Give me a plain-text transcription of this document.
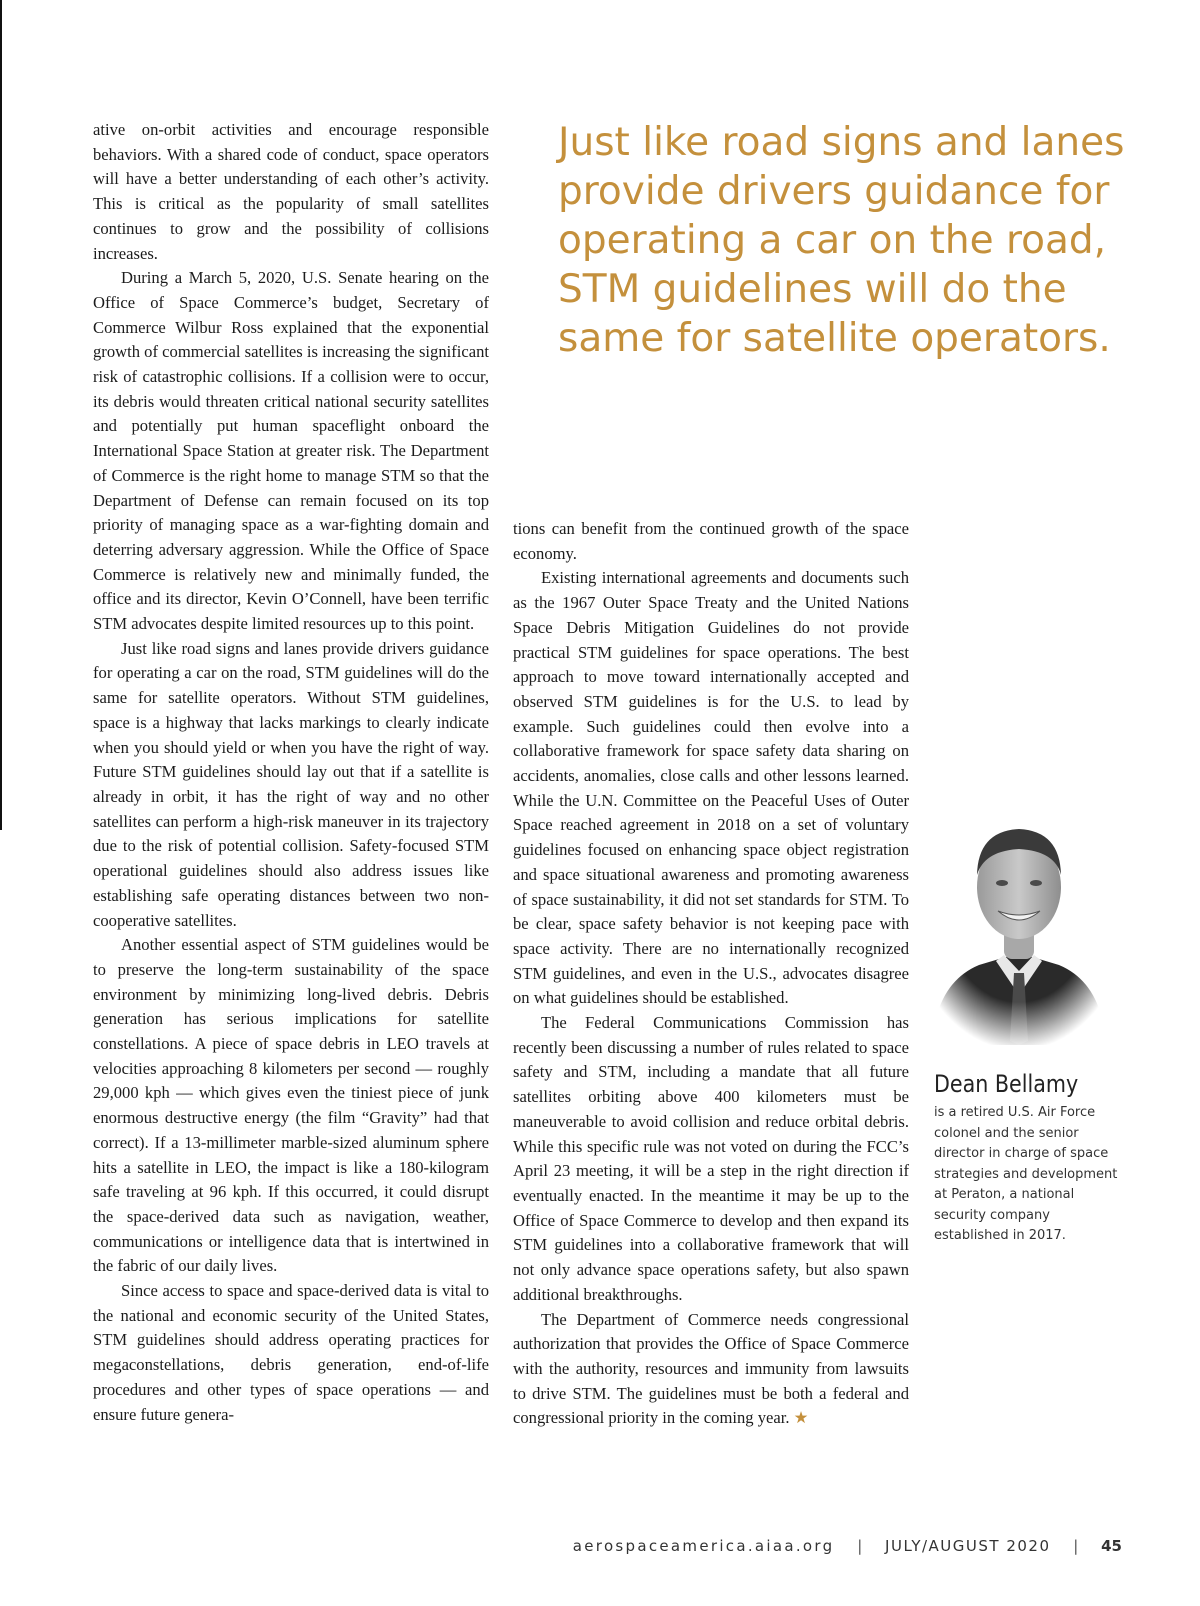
ative on-orbit activities and encourage responsible behaviors. With a shared code of conduct, space operators will have a better understanding of each other’s activity. This is critical as the popularity of small satellites continues to grow and the possibility of collisions increases.

During a March 5, 2020, U.S. Senate hearing on the Office of Space Commerce’s budget, Secretary of Commerce Wilbur Ross explained that the exponential growth of commercial satellites is increasing the significant risk of catastrophic collisions. If a collision were to occur, its debris would threaten critical national security satellites and potentially put human spaceflight onboard the International Space Station at greater risk. The Department of Commerce is the right home to manage STM so that the Department of Defense can remain focused on its top priority of managing space as a war-fighting domain and deterring adversary aggression. While the Office of Space Commerce is relatively new and minimally funded, the office and its director, Kevin O’Connell, have been terrific STM advocates despite limited resources up to this point.

Just like road signs and lanes provide drivers guidance for operating a car on the road, STM guidelines will do the same for satellite operators. Without STM guidelines, space is a highway that lacks markings to clearly indicate when you should yield or when you have the right of way. Future STM guidelines should lay out that if a satellite is already in orbit, it has the right of way and no other satellites can perform a high-risk maneuver in its trajectory due to the risk of potential collision. Safety-focused STM operational guidelines should also address issues like establishing safe operating distances between two non-cooperative satellites.

Another essential aspect of STM guidelines would be to preserve the long-term sustainability of the space environment by minimizing long-lived debris. Debris generation has serious implications for satellite constellations. A piece of space debris in LEO travels at velocities approaching 8 kilometers per second — roughly 29,000 kph — which gives even the tiniest piece of junk enormous destructive energy (the film “Gravity” had that correct). If a 13-millimeter marble-sized aluminum sphere hits a satellite in LEO, the impact is like a 180-kilogram safe traveling at 96 kph. If this occurred, it could disrupt the space-derived data such as navigation, weather, communications or intelligence data that is intertwined in the fabric of our daily lives.

Since access to space and space-derived data is vital to the national and economic security of the United States, STM guidelines should address operating practices for megaconstellations, debris generation, end-of-life procedures and other types of space operations — and ensure future genera-

Just like road signs and lanes provide drivers guidance for operating a car on the road, STM guidelines will do the same for satellite operators.

tions can benefit from the continued growth of the space economy.

Existing international agreements and documents such as the 1967 Outer Space Treaty and the United Nations Space Debris Mitigation Guidelines do not provide practical STM guidelines for space operations. The best approach to move toward internationally accepted and observed STM guidelines is for the U.S. to lead by example. Such guidelines could then evolve into a collaborative framework for space safety data sharing on accidents, anomalies, close calls and other lessons learned. While the U.N. Committee on the Peaceful Uses of Outer Space reached agreement in 2018 on a set of voluntary guidelines focused on enhancing space object registration and space situational awareness and promoting awareness of space sustainability, it did not set standards for STM. To be clear, space safety behavior is not keeping pace with space activity. There are no internationally recognized STM guidelines, and even in the U.S., advocates disagree on what guidelines should be established.

The Federal Communications Commission has recently been discussing a number of rules related to space safety and STM, including a mandate that all future satellites orbiting above 400 kilometers must be maneuverable to avoid collision and reduce orbital debris. While this specific rule was not voted on during the FCC’s April 23 meeting, it will be a step in the right direction if eventually enacted. In the meantime it may be up to the Office of Space Commerce to develop and then expand its STM guidelines into a collaborative framework that will not only advance space operations safety, but also spawn additional breakthroughs.

The Department of Commerce needs congressional authorization that provides the Office of Space Commerce with the authority, resources and immunity from lawsuits to drive STM. The guidelines must be both a federal and congressional priority in the coming year. ★

Dean Bellamy

is a retired U.S. Air Force colonel and the senior director in charge of space strategies and development at Peraton, a national security company established in 2017.

aerospaceamerica.aiaa.org | JULY/AUGUST 2020 | 45
